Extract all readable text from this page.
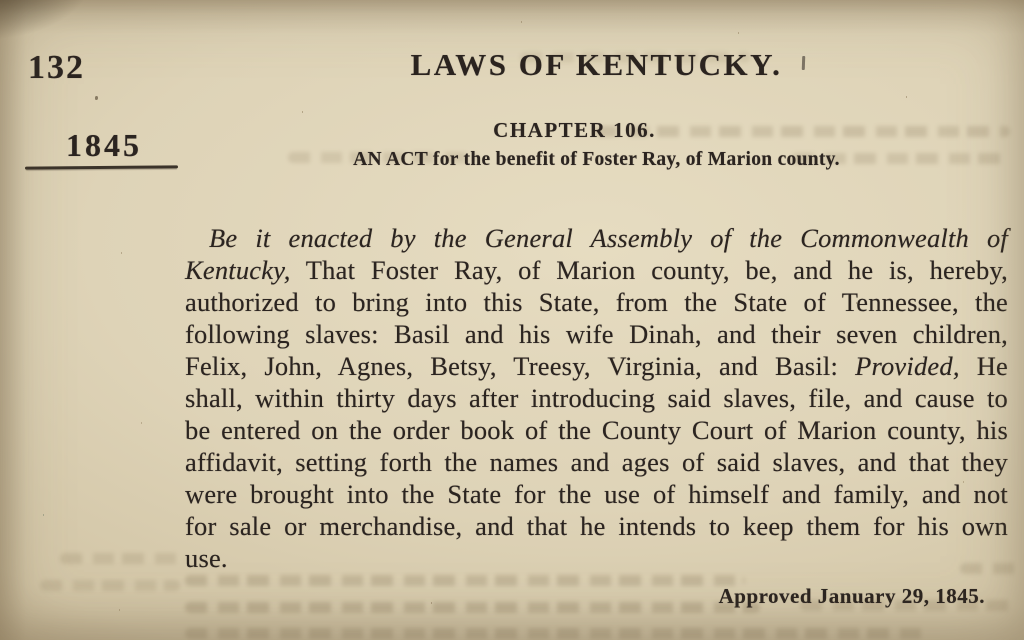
132	LAWS OF KENTUCKY.
1845	CHAPTER 106.
AN ACT for the benefit of Foster Ray, of Marion county.

Be it enacted by the General Assembly of the Commonwealth of Kentucky, That Foster Ray, of Marion county, be, and he is, hereby, authorized to bring into this State, from the State of Tennessee, the following slaves: Basil and his wife Dinah, and their seven children, Felix, John, Agnes, Betsy, Treesy, Virginia, and Basil: Provided, He shall, within thirty days after introducing said slaves, file, and cause to be entered on the order book of the County Court of Marion county, his affidavit, setting forth the names and ages of said slaves, and that they were brought into the State for the use of himself and family, and not for sale or merchandise, and that he intends to keep them for his own use.

Approved January 29, 1845.
